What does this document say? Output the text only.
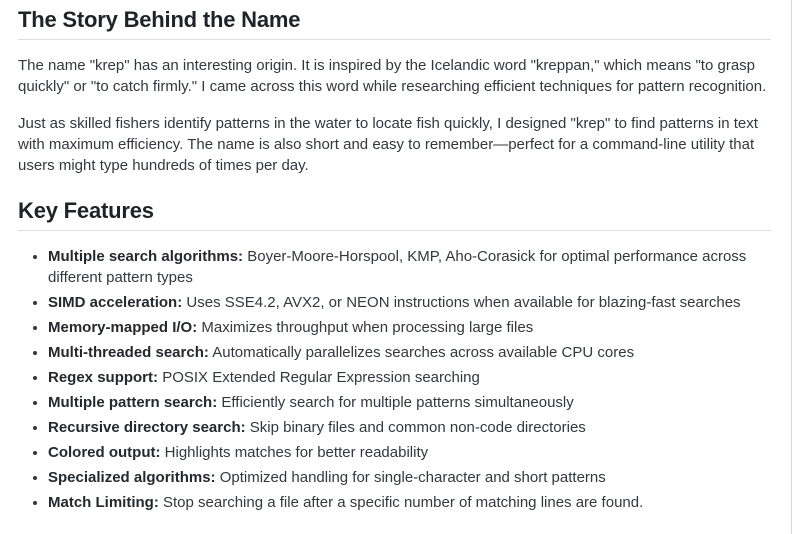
The Story Behind the Name

The name "krep" has an interesting origin. It is inspired by the Icelandic word "kreppan," which means "to grasp quickly" or "to catch firmly." I came across this word while researching efficient techniques for pattern recognition.

Just as skilled fishers identify patterns in the water to locate fish quickly, I designed "krep" to find patterns in text with maximum efficiency. The name is also short and easy to remember—perfect for a command-line utility that users might type hundreds of times per day.

Key Features
• Multiple search algorithms: Boyer-Moore-Horspool, KMP, Aho-Corasick for optimal performance across different pattern types
• SIMD acceleration: Uses SSE4.2, AVX2, or NEON instructions when available for blazing-fast searches
• Memory-mapped I/O: Maximizes throughput when processing large files
• Multi-threaded search: Automatically parallelizes searches across available CPU cores
• Regex support: POSIX Extended Regular Expression searching
• Multiple pattern search: Efficiently search for multiple patterns simultaneously
• Recursive directory search: Skip binary files and common non-code directories
• Colored output: Highlights matches for better readability
• Specialized algorithms: Optimized handling for single-character and short patterns
• Match Limiting: Stop searching a file after a specific number of matching lines are found.
